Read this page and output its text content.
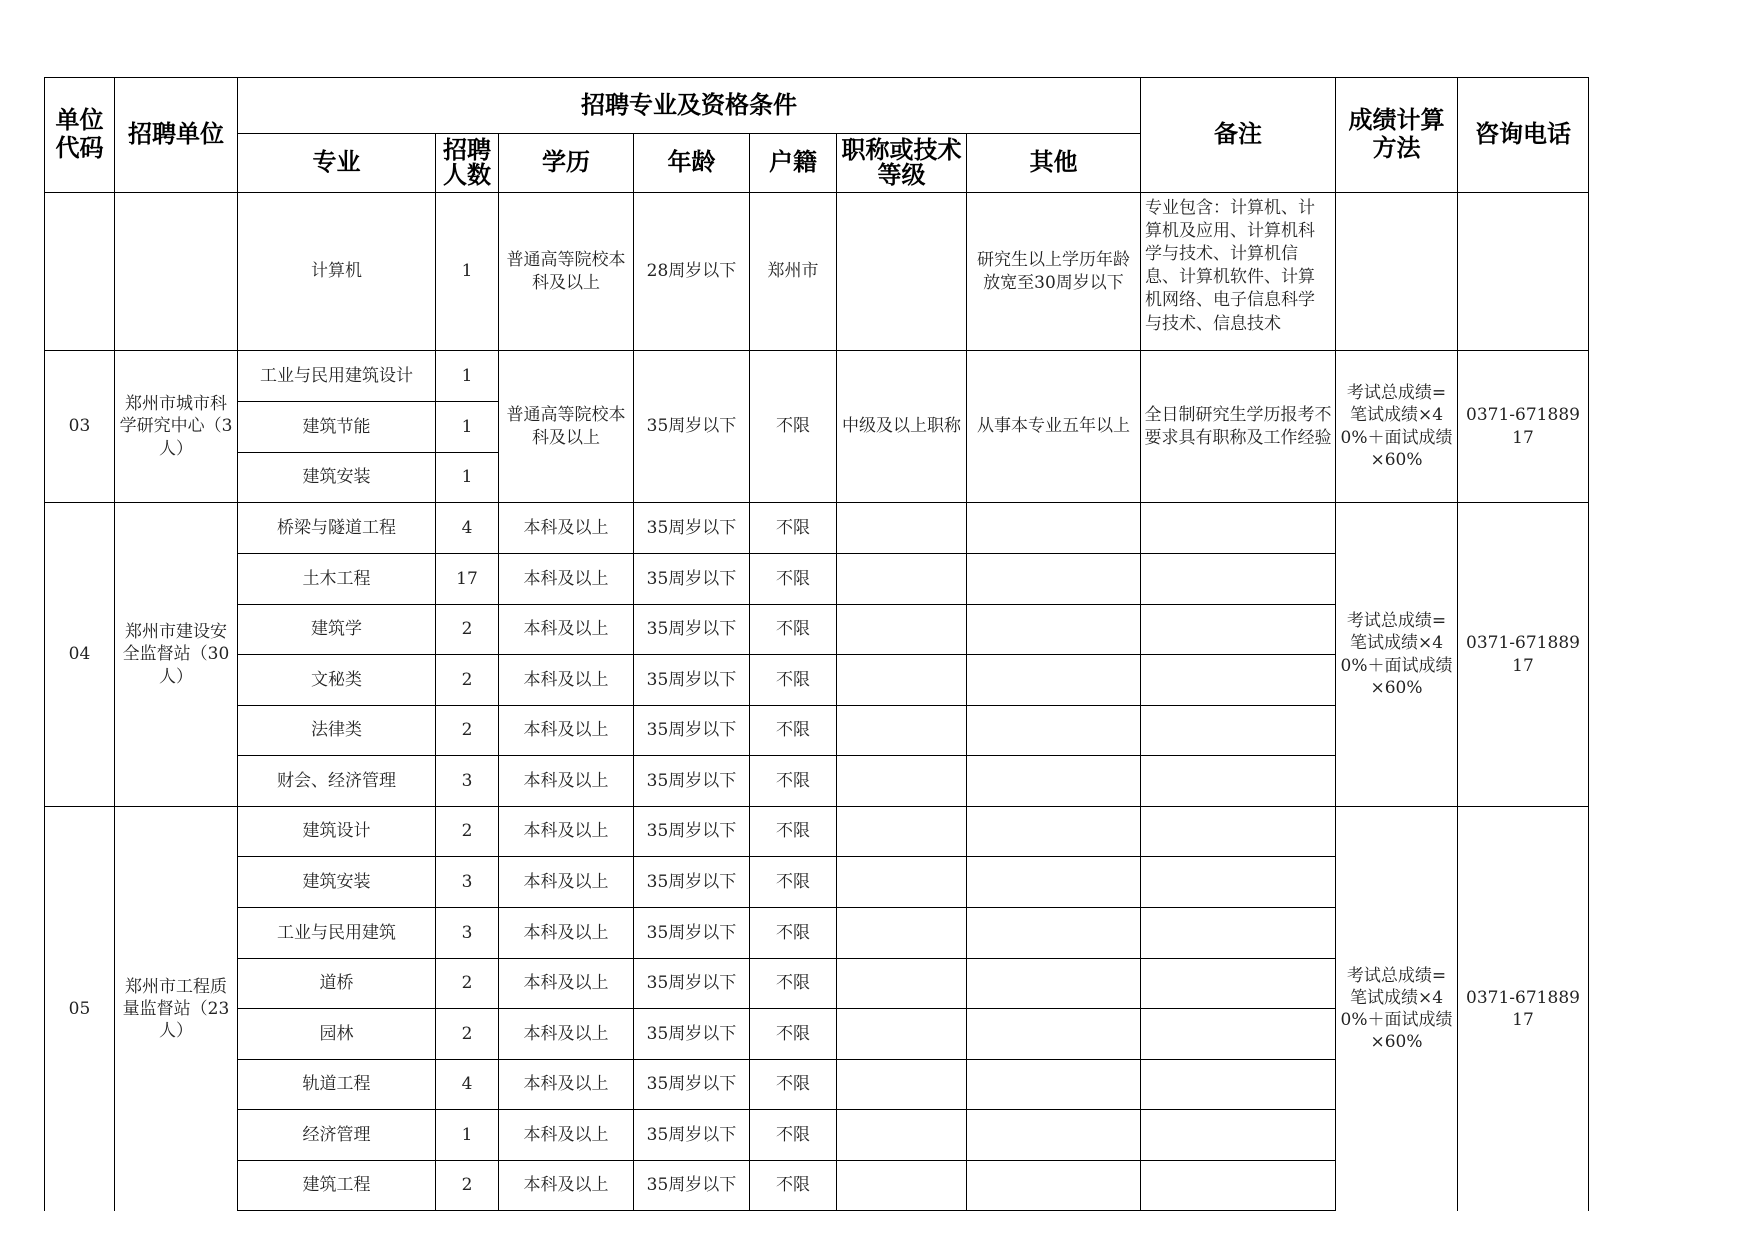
单位代码	招聘单位	招聘专业及资格条件							备注	成绩计算方法	咨询电话
		专业	招聘人数	学历	年龄	户籍	职称或技术等级	其他			
		计算机	1	普通高等院校本科及以上	28周岁以下	郑州市		研究生以上学历年龄放宽至30周岁以下	专业包含：计算机、计算机及应用、计算机科学与技术、计算机信息、计算机软件、计算机网络、电子信息科学与技术、信息技术		

03	郑州市城市科学研究中心（3人）	工业与民用建筑设计	1	普通高等院校本科及以上	35周岁以下	不限	中级及以上职称	从事本专业五年以上	全日制研究生学历报考不要求具有职称及工作经验	考试总成绩=笔试成绩×40%＋面试成绩×60%	0371-67188917
		建筑节能	1								
		建筑安装	1								
04	郑州市建设安全监督站（30人）	桥梁与隧道工程	4	本科及以上	35周岁以下	不限				考试总成绩=笔试成绩×40%＋面试成绩×60%	0371-67188917
		土木工程	17	本科及以上	35周岁以下	不限					
		建筑学	2	本科及以上	35周岁以下	不限					
		文秘类	2	本科及以上	35周岁以下	不限					
		法律类	2	本科及以上	35周岁以下	不限					
		财会、经济管理	3	本科及以上	35周岁以下	不限					
05	郑州市工程质量监督站（23人）	建筑设计	2	本科及以上	35周岁以下	不限				考试总成绩=笔试成绩×40%＋面试成绩×60%	0371-67188917
		建筑安装	3	本科及以上	35周岁以下	不限					
		工业与民用建筑	3	本科及以上	35周岁以下	不限					
		道桥	2	本科及以上	35周岁以下	不限					
		园林	2	本科及以上	35周岁以下	不限					
		轨道工程	4	本科及以上	35周岁以下	不限					
		经济管理	1	本科及以上	35周岁以下	不限					
		建筑工程	2	本科及以上	35周岁以下	不限					
